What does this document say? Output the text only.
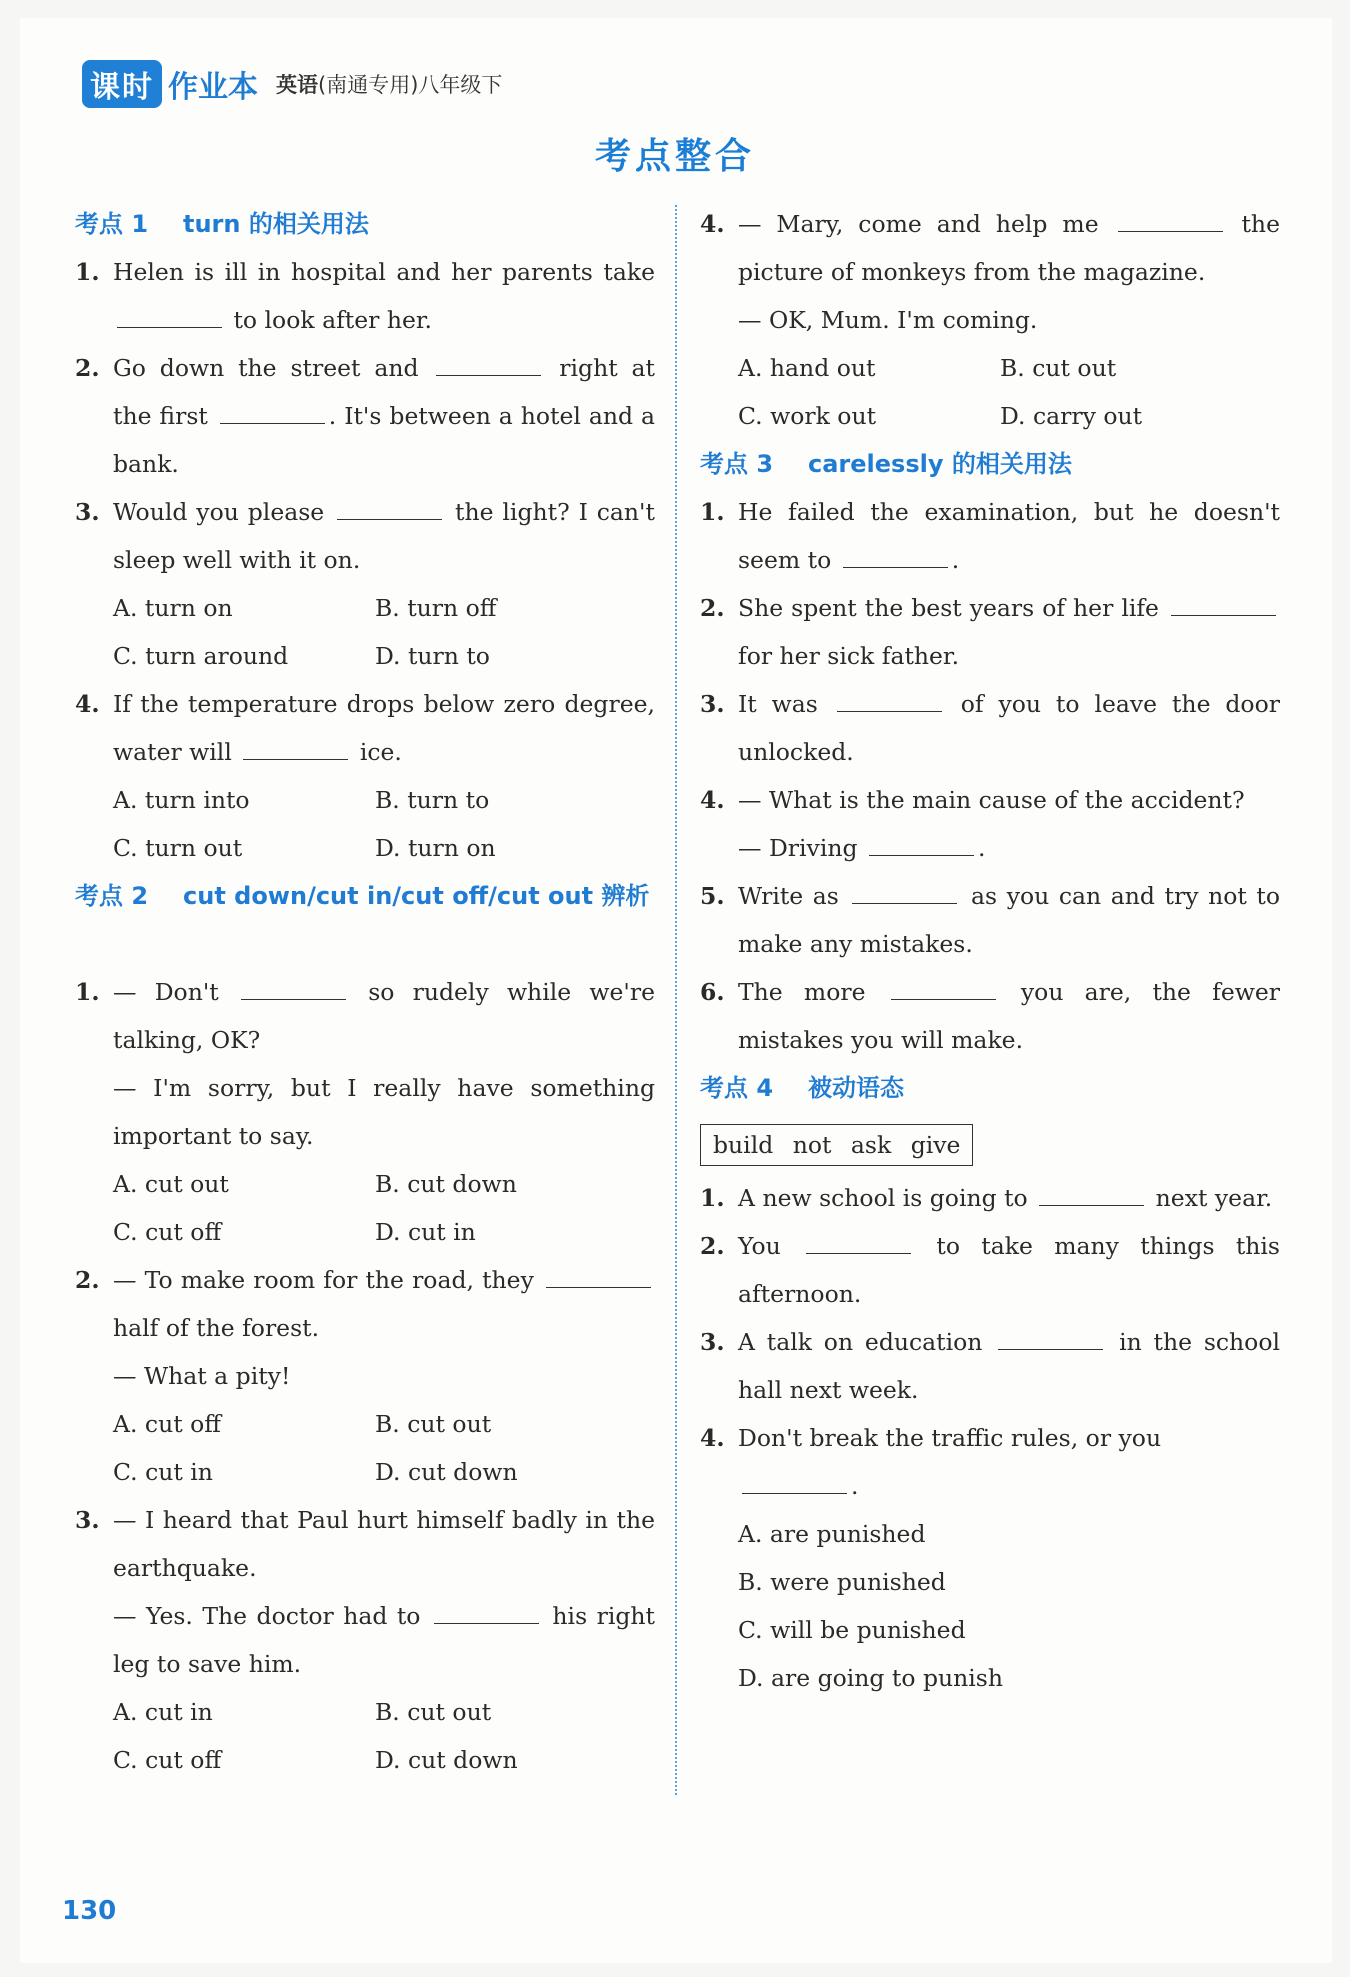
课时 作业本 英语(南通专用)八年级下
考点整合
考点 1	turn 的相关用法
1. Helen is ill in hospital and her parents take  to look after her.
2. Go down the street and	right at the first	. It's between a hotel and a bank.
3. Would you please	the light? I can't sleep well with it on.
A. turn on	B. turn off
C. turn around	D. turn to
4. If the temperature drops below zero degree, water will	ice.
A. turn into	B. turn to
C. turn out	D. turn on
考点 2	cut down/cut in/cut off/cut out 辨析
1. — Don't	so rudely while we're talking, OK?
— I'm sorry, but I really have something important to say.
A. cut out	B. cut down
C. cut off	D. cut in
2. — To make room for the road, they  half of the forest.
— What a pity!
A. cut off	B. cut out
C. cut in	D. cut down
3. — I heard that Paul hurt himself badly in the earthquake.
— Yes. The doctor had to	his right leg to save him.
A. cut in	B. cut out
C. cut off	D. cut down
4. — Mary, come and help me	the picture of monkeys from the magazine.
— OK, Mum. I'm coming.
A. hand out	B. cut out
C. work out	D. carry out
考点 3	carelessly 的相关用法
1. He failed the examination, but he doesn't seem to	.
2. She spent the best years of her life  for her sick father.
3. It was	of you to leave the door unlocked.
4. — What is the main cause of the accident?
— Driving	.
5. Write as	as you can and try not to make any mistakes.
6. The more	you are, the fewer mistakes you will make.
考点 4	被动语态
build not ask give
1. A new school is going to	next year.
2. You	to take many things this afternoon.
3. A talk on education	in the school hall next week.
4. Don't break the traffic rules, or you
.
A. are punished
B. were punished
C. will be punished
D. are going to punish
130
